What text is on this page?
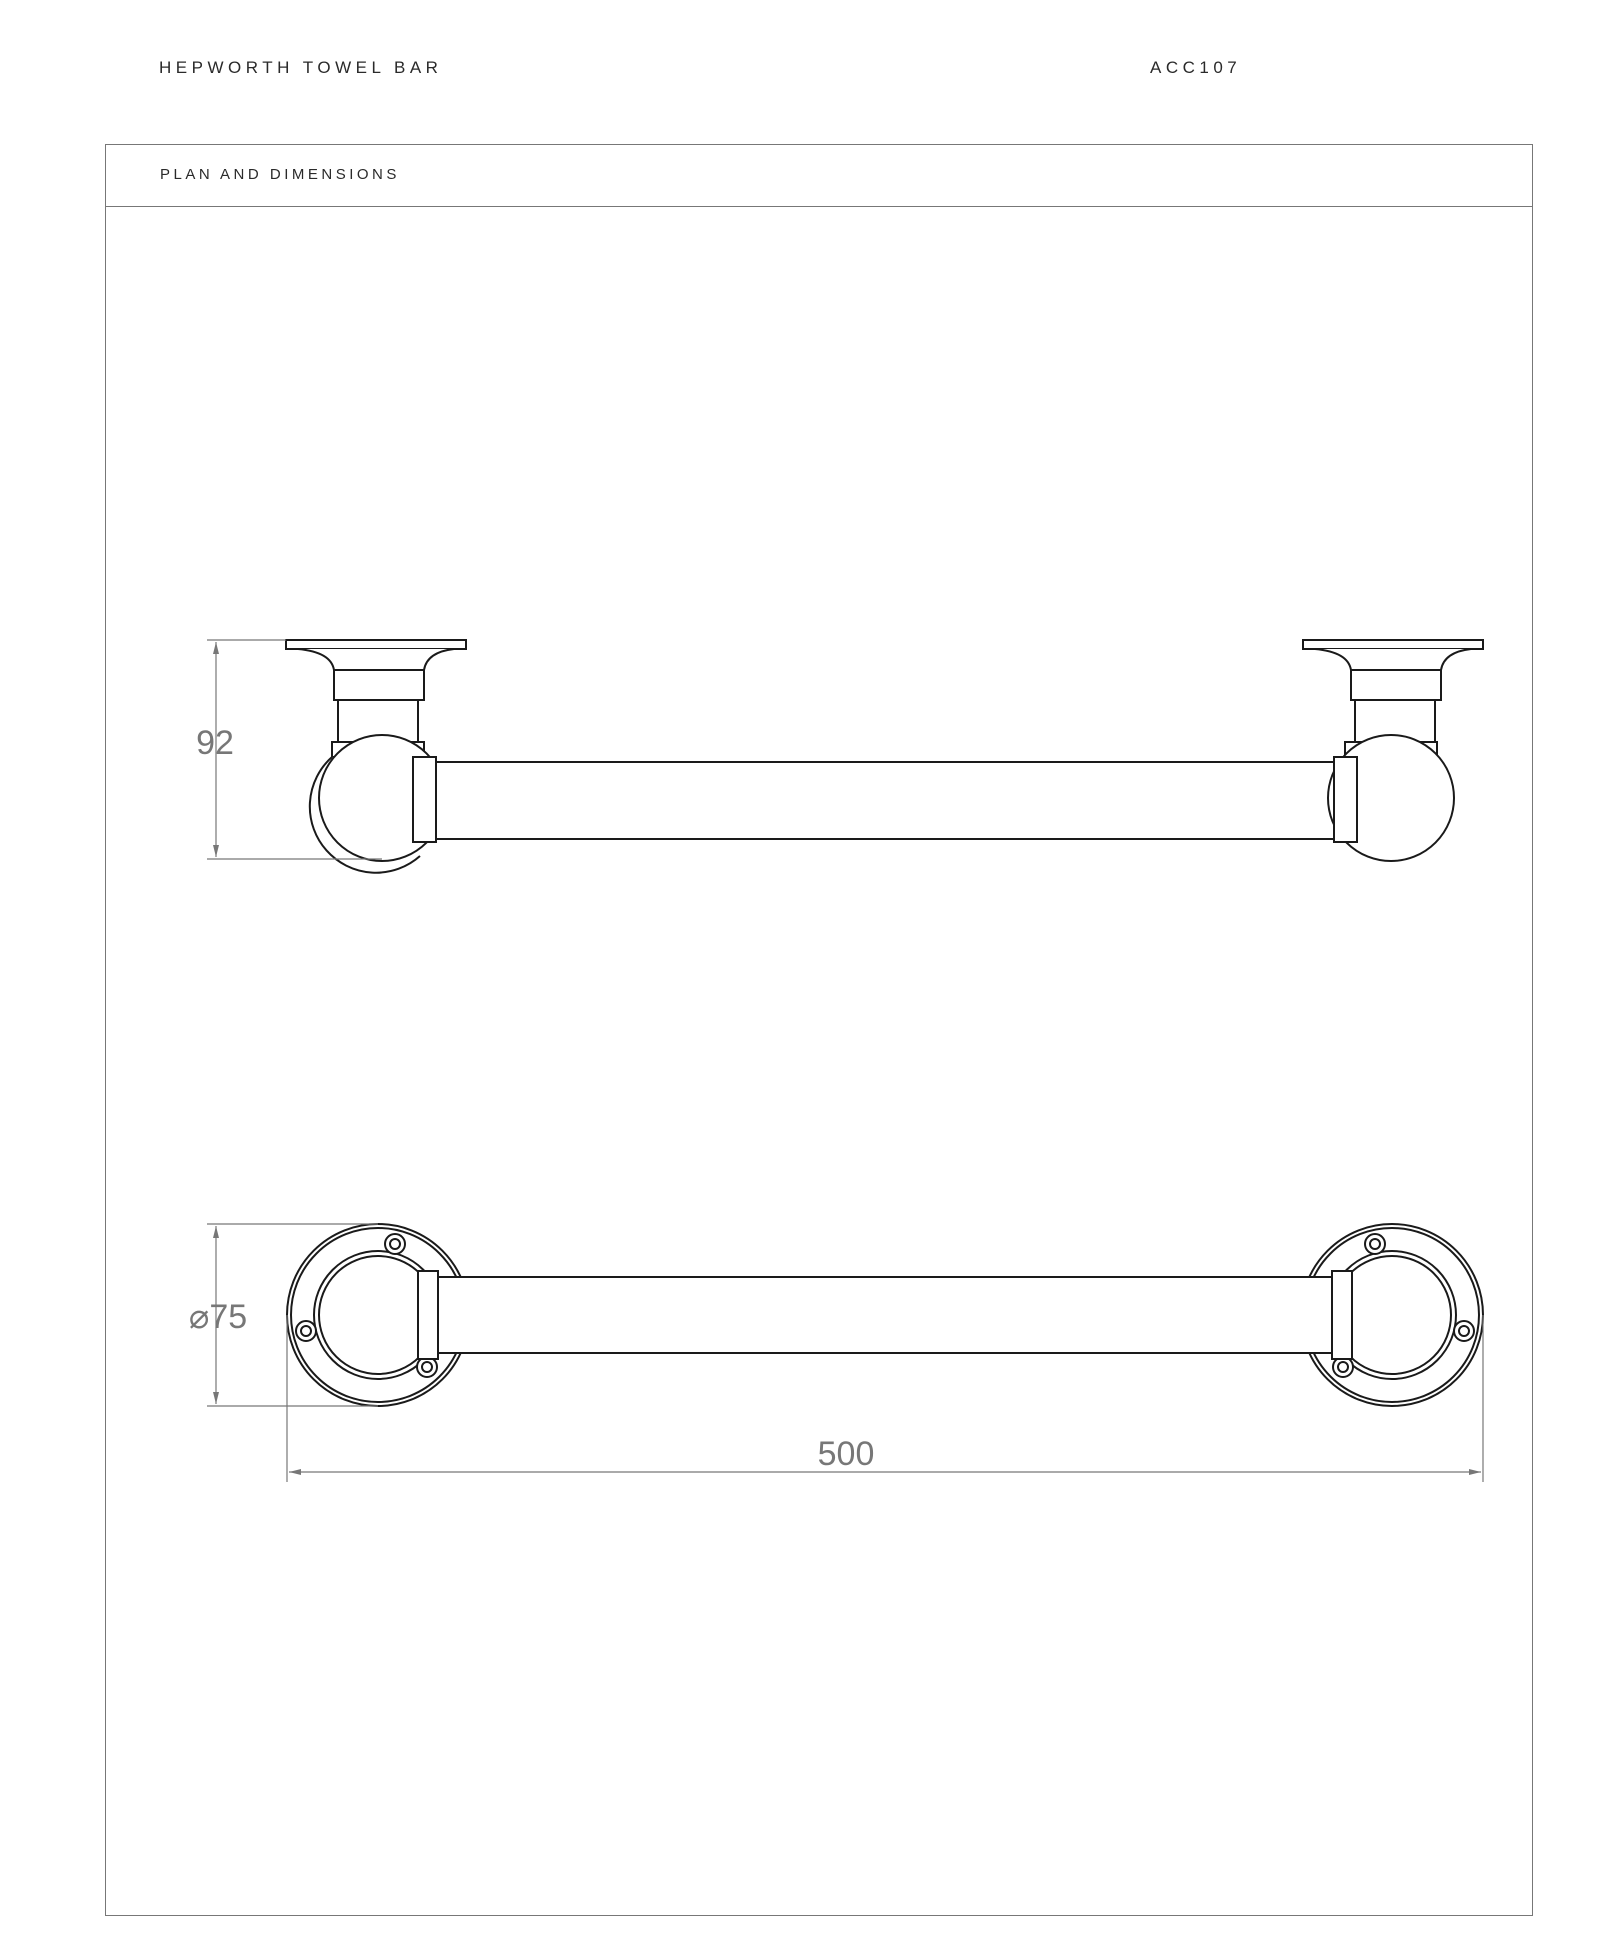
HEPWORTH TOWEL BAR	ACC107
PLAN AND DIMENSIONS
92
⌀75
500
